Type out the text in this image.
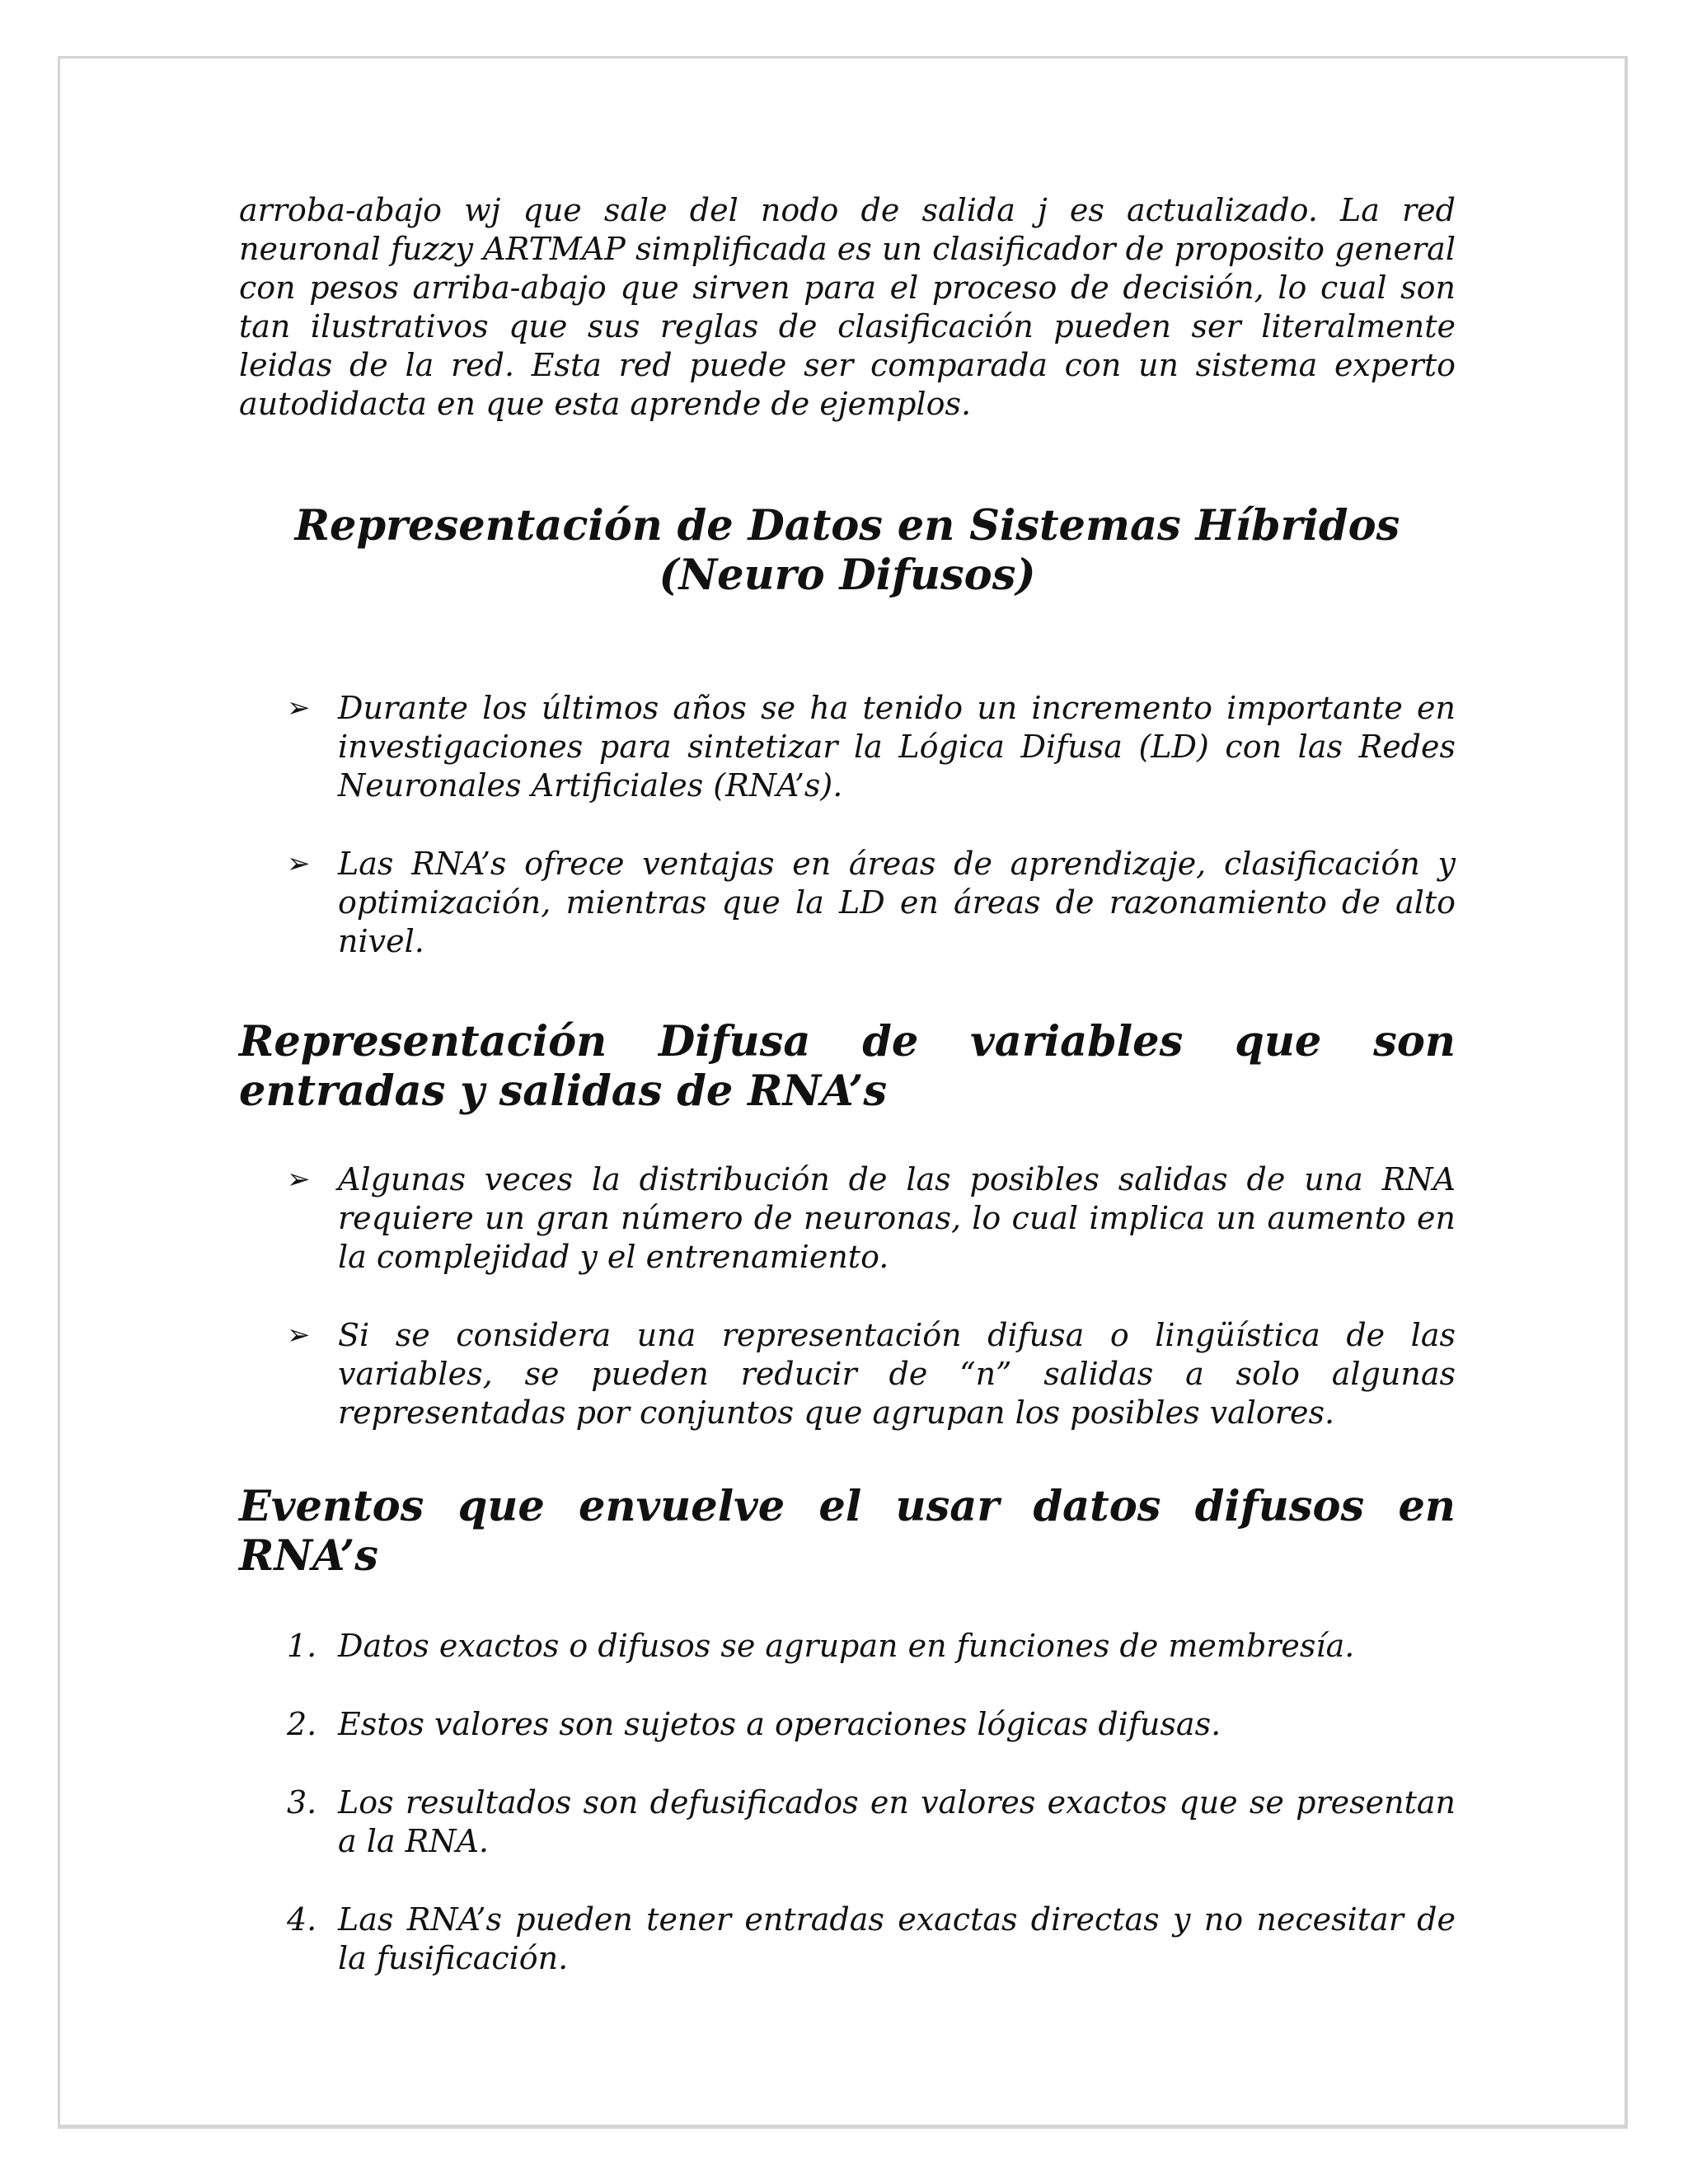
arroba-abajo wj que sale del nodo de salida j es actualizado. La red neuronal fuzzy ARTMAP simplificada es un clasificador de proposito general con pesos arriba-abajo que sirven para el proceso de decisión, lo cual son tan ilustrativos que sus reglas de clasificación pueden ser literalmente leidas de la red. Esta red puede ser comparada con un sistema experto autodidacta en que esta aprende de ejemplos.

Representación de Datos en Sistemas Híbridos
(Neuro Difusos)
➢ Durante los últimos años se ha tenido un incremento importante en investigaciones para sintetizar la Lógica Difusa (LD) con las Redes Neuronales Artificiales (RNA’s).

➢ Las RNA’s ofrece ventajas en áreas de aprendizaje, clasificación y optimización, mientras que la LD en áreas de razonamiento de alto nivel.

Representación Difusa de variables que son entradas y salidas de RNA’s
➢ Algunas veces la distribución de las posibles salidas de una RNA requiere un gran número de neuronas, lo cual implica un aumento en la complejidad y el entrenamiento.

➢ Si se considera una representación difusa o lingüística de las variables, se pueden reducir de “n” salidas a solo algunas representadas por conjuntos que agrupan los posibles valores.

Eventos que envuelve el usar datos difusos en RNA’s
1. Datos exactos o difusos se agrupan en funciones de membresía.

2. Estos valores son sujetos a operaciones lógicas difusas.

3. Los resultados son defusificados en valores exactos que se presentan a la RNA.

4. Las RNA’s pueden tener entradas exactas directas y no necesitar de la fusificación.
